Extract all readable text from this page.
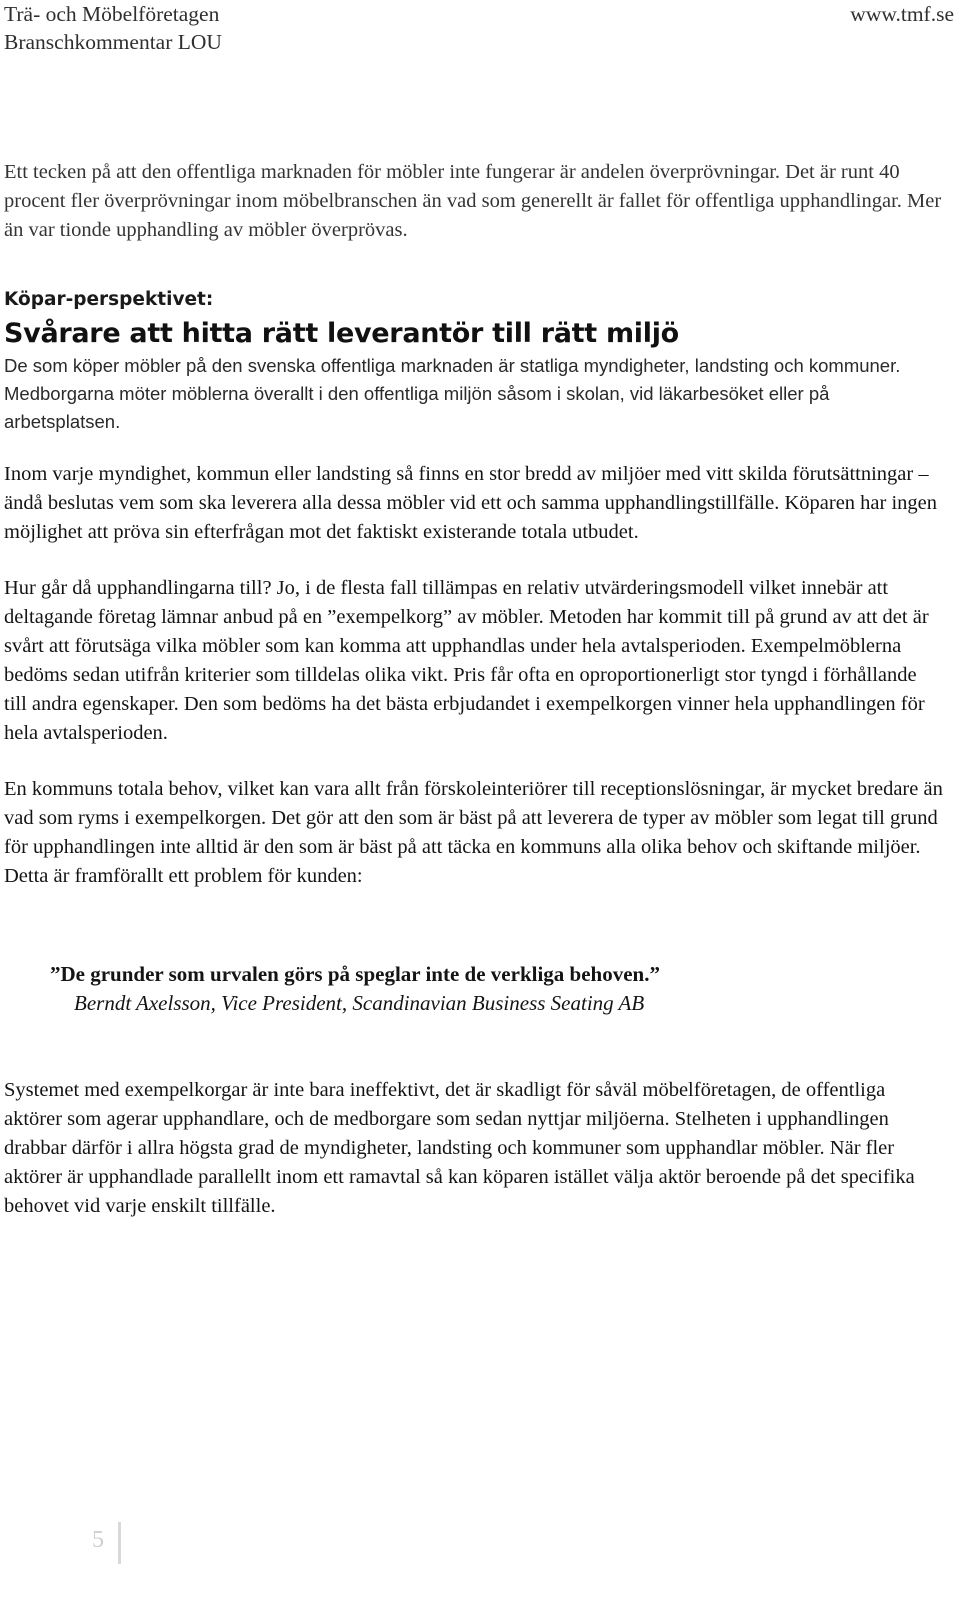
Trä- och Möbelföretagen
Branschkommentar LOU
www.tmf.se

Ett tecken på att den offentliga marknaden för möbler inte fungerar är andelen överprövningar. Det är runt 40 procent fler överprövningar inom möbelbranschen än vad som generellt är fallet för offentliga upphandlingar. Mer än var tionde upphandling av möbler överprövas.

Köpar-perspektivet:
Svårare att hitta rätt leverantör till rätt miljö

De som köper möbler på den svenska offentliga marknaden är statliga myndigheter, landsting och kommuner. Medborgarna möter möblerna överallt i den offentliga miljön såsom i skolan, vid läkarbesöket eller på arbetsplatsen.

Inom varje myndighet, kommun eller landsting så finns en stor bredd av miljöer med vitt skilda förutsättningar – ändå beslutas vem som ska leverera alla dessa möbler vid ett och samma upphandlingstillfälle. Köparen har ingen möjlighet att pröva sin efterfrågan mot det faktiskt existerande totala utbudet.

Hur går då upphandlingarna till? Jo, i de flesta fall tillämpas en relativ utvärderingsmodell vilket innebär att deltagande företag lämnar anbud på en ”exempelkorg” av möbler. Metoden har kommit till på grund av att det är svårt att förutsäga vilka möbler som kan komma att upphandlas under hela avtalsperioden. Exempelmöblerna bedöms sedan utifrån kriterier som tilldelas olika vikt. Pris får ofta en oproportionerligt stor tyngd i förhållande till andra egenskaper. Den som bedöms ha det bästa erbjudandet i exempelkorgen vinner hela upphandlingen för hela avtalsperioden.

En kommuns totala behov, vilket kan vara allt från förskoleinteriörer till receptionslösningar, är mycket bredare än vad som ryms i exempelkorgen. Det gör att den som är bäst på att leverera de typer av möbler som legat till grund för upphandlingen inte alltid är den som är bäst på att täcka en kommuns alla olika behov och skiftande miljöer. Detta är framförallt ett problem för kunden:

”De grunder som urvalen görs på speglar inte de verkliga behoven.”
Berndt Axelsson, Vice President, Scandinavian Business Seating AB

Systemet med exempelkorgar är inte bara ineffektivt, det är skadligt för såväl möbelföretagen, de offentliga aktörer som agerar upphandlare, och de medborgare som sedan nyttjar miljöerna. Stelheten i upphandlingen drabbar därför i allra högsta grad de myndigheter, landsting och kommuner som upphandlar möbler. När fler aktörer är upphandlade parallellt inom ett ramavtal så kan köparen istället välja aktör beroende på det specifika behovet vid varje enskilt tillfälle.

5
